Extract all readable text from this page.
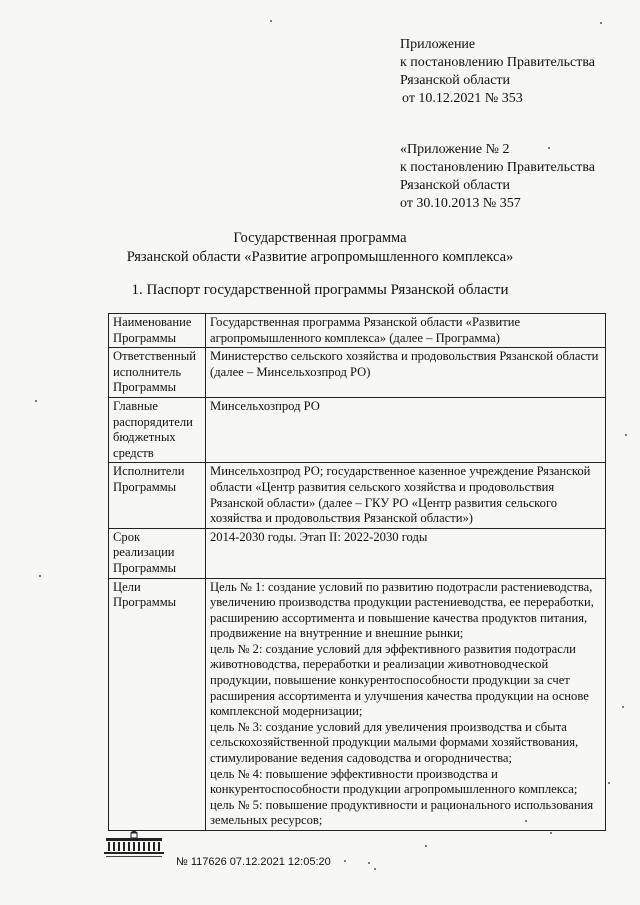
Приложение
к постановлению Правительства
Рязанской области
от 10.12.2021 № 353
«Приложение № 2
к постановлению Правительства
Рязанской области
от 30.10.2013 № 357
Государственная программа
Рязанской области «Развитие агропромышленного комплекса»
1. Паспорт государственной программы Рязанской области
Наименование Программы	Государственная программа Рязанской области «Развитие агропромышленного комплекса» (далее – Программа)
Ответственный исполнитель Программы	Министерство сельского хозяйства и продовольствия Рязанской области (далее – Минсельхозпрод РО)
Главные распорядители бюджетных средств	Минсельхозпрод РО
Исполнители Программы	Минсельхозпрод РО; государственное казенное учреждение Рязанской области «Центр развития сельского хозяйства и продовольствия Рязанской области» (далее – ГКУ РО «Центр развития сельского хозяйства и продовольствия Рязанской области»)
Срок реализации Программы	2014-2030 годы. Этап II: 2022-2030 годы
Цели Программы	Цель № 1: создание условий по развитию подотрасли растениеводства, увеличению производства продукции растениеводства, ее переработки, расширению ассортимента и повышение качества продуктов питания, продвижение на внутренние и внешние рынки;
цель № 2: создание условий для эффективного развития подотрасли животноводства, переработки и реализации животноводческой продукции, повышение конкурентоспособности продукции за счет расширения ассортимента и улучшения качества продукции на основе комплексной модернизации;
цель № 3: создание условий для увеличения производства и сбыта сельскохозяйственной продукции малыми формами хозяйствования, стимулирование ведения садоводства и огородничества;
цель № 4: повышение эффективности производства и конкурентоспособности продукции агропромышленного комплекса;
цель № 5: повышение продуктивности и рационального использования земельных ресурсов;
№ 117626 07.12.2021 12:05:20
